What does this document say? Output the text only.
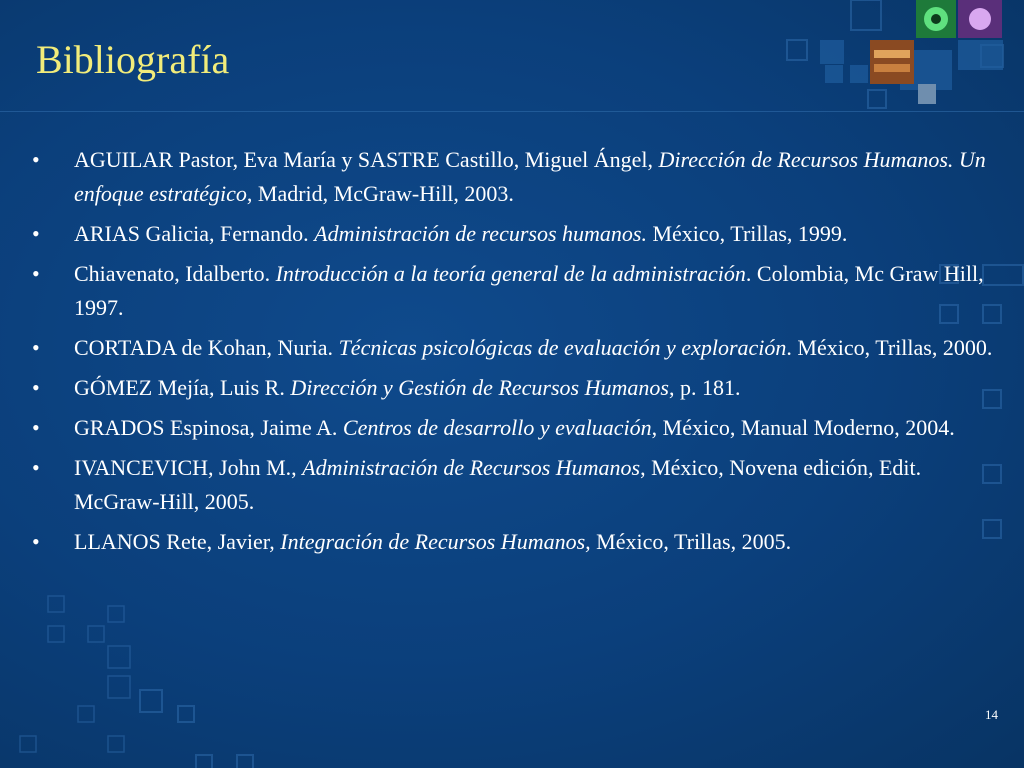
Bibliografía
• AGUILAR Pastor, Eva María y SASTRE Castillo, Miguel Ángel, Dirección de Recursos Humanos. Un enfoque estratégico, Madrid, McGraw-Hill, 2003.
• ARIAS Galicia, Fernando. Administración de recursos humanos. México, Trillas, 1999.
• Chiavenato, Idalberto. Introducción a la teoría general de la administración. Colombia, Mc Graw Hill, 1997.
• CORTADA de Kohan, Nuria. Técnicas psicológicas de evaluación y exploración. México, Trillas, 2000.
• GÓMEZ Mejía, Luis R. Dirección y Gestión de Recursos Humanos, p. 181.
• GRADOS Espinosa, Jaime A. Centros de desarrollo y evaluación, México, Manual Moderno, 2004.
• IVANCEVICH, John M., Administración de Recursos Humanos, México, Novena edición, Edit. McGraw-Hill, 2005.
• LLANOS Rete, Javier, Integración de Recursos Humanos, México, Trillas, 2005.
14
